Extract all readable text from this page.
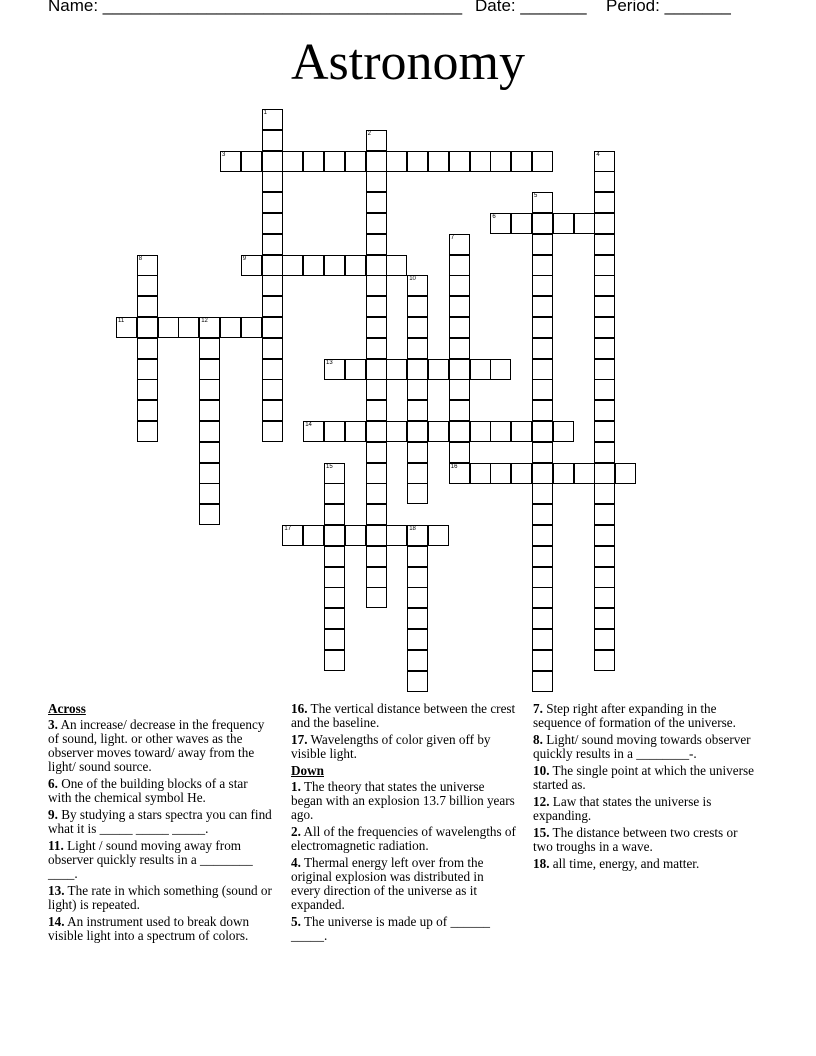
Name: ______________________________________ Date: _______ Period: _______
Astronomy
1
2
3	4
5
6
7
16
8	9
10
11	12
13
14
15
17	18
Across
3. An increase/ decrease in the frequency of sound, light. or other waves as the observer moves toward/ away from the light/ sound source.
6. One of the building blocks of a star with the chemical symbol He.
9. By studying a stars spectra you can find what it is _____ _____ _____.
11. Light / sound moving away from observer quickly results in a ________ ____.
13. The rate in which something (sound or light) is repeated.
14. An instrument used to break down visible light into a spectrum of colors.
16. The vertical distance between the crest and the baseline.
17. Wavelengths of color given off by visible light.
Down
1. The theory that states the universe began with an explosion 13.7 billion years ago.
2. All of the frequencies of wavelengths of electromagnetic radiation.
4. Thermal energy left over from the original explosion was distributed in every direction of the universe as it expanded.
5. The universe is made up of ______ _____.
7. Step right after expanding in the sequence of formation of the universe.
8. Light/ sound moving towards observer quickly results in a ________-.
10. The single point at which the universe started as.
12. Law that states the universe is expanding.
15. The distance between two crests or two troughs in a wave.
18. all time, energy, and matter.
